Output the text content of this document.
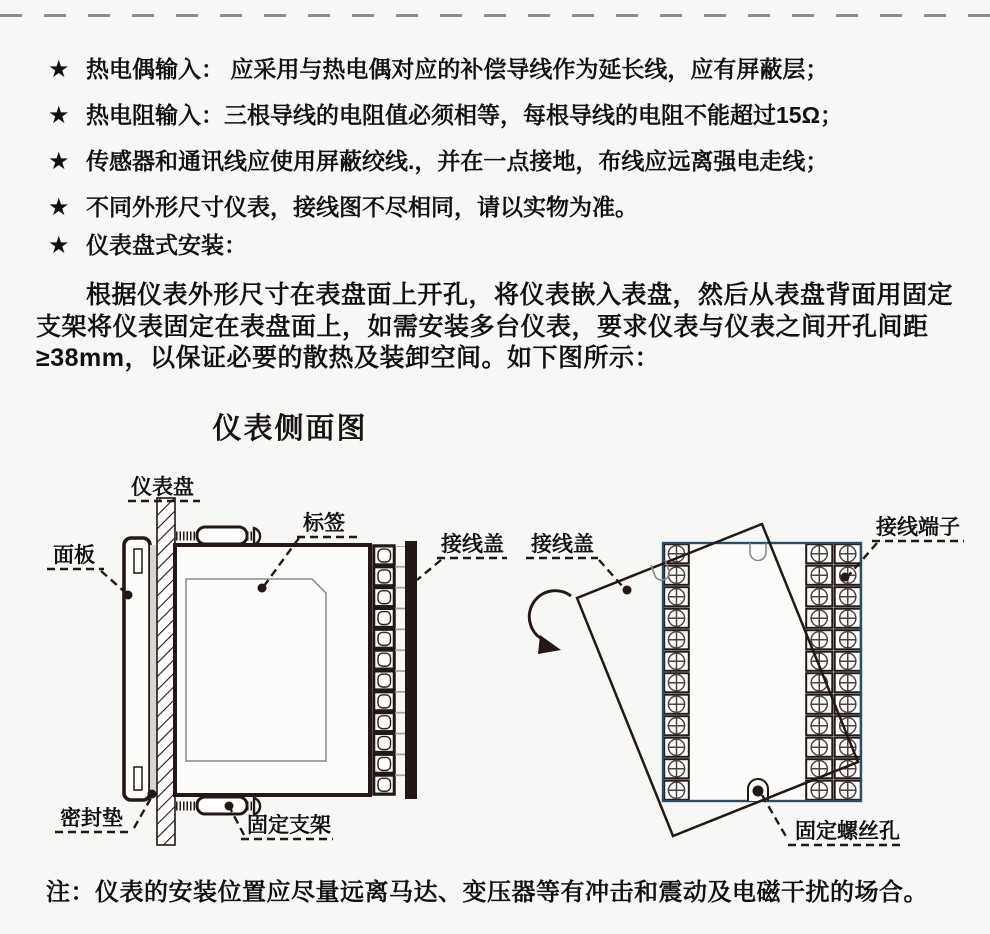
★ 热电偶输入： 应采用与热电偶对应的补偿导线作为延长线，应有屏蔽层；
★ 热电阻输入：三根导线的电阻值必须相等，每根导线的电阻不能超过15Ω；
★ 传感器和通讯线应使用屏蔽绞线.，并在一点接地，布线应远离强电走线；
★ 不同外形尺寸仪表，接线图不尽相同，请以实物为准。
★ 仪表盘式安装：

根据仪表外形尺寸在表盘面上开孔，将仪表嵌入表盘，然后从表盘背面用固定支架将仪表固定在表盘面上，如需安装多台仪表，要求仪表与仪表之间开孔间距≥38mm，以保证必要的散热及装卸空间。如下图所示：

仪表侧面图
仪表盘
面板
标签
接线盖
密封垫	固定支架
接线盖
接线端子
固定螺丝孔
注：仪表的安装位置应尽量远离马达、变压器等有冲击和震动及电磁干扰的场合。
